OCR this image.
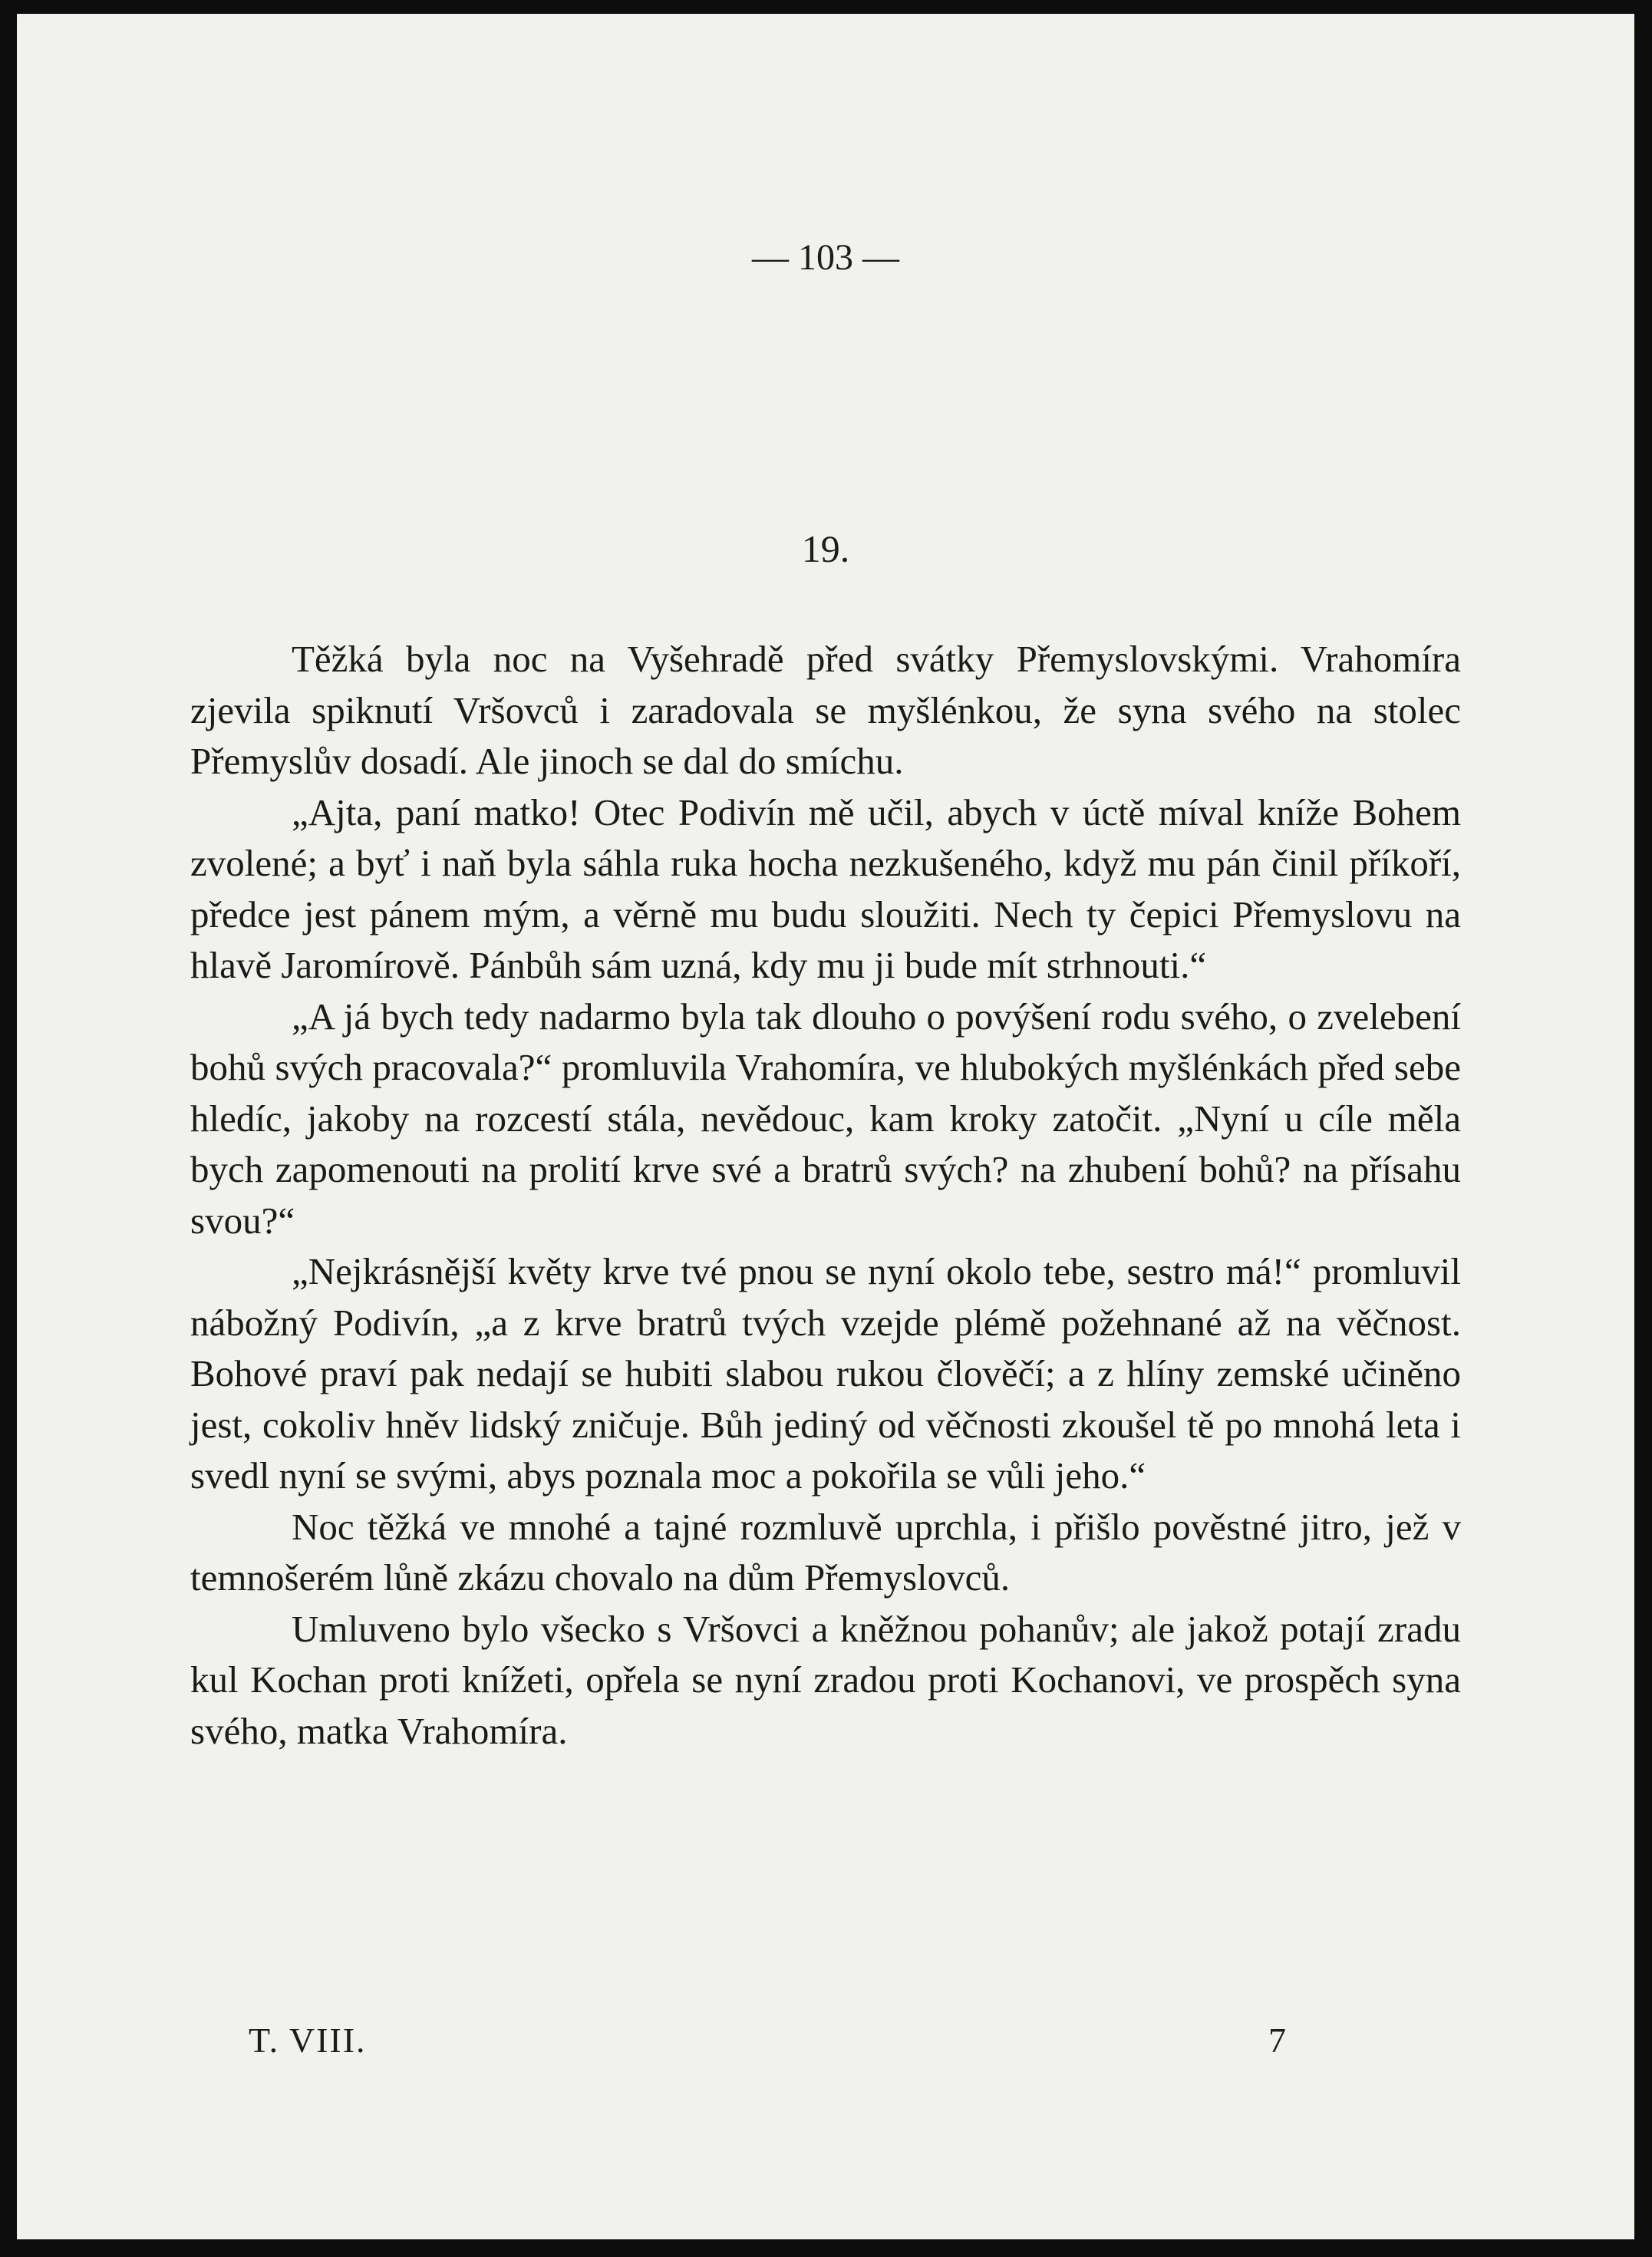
— 103 —
19.

Těžká byla noc na Vyšehradě před svátky Přemyslovskými. Vrahomíra zjevila spiknutí Vršovců i zaradovala se myšlénkou, že syna svého na stolec Přemyslův dosadí. Ale jinoch se dal do smíchu.

„Ajta, paní matko! Otec Podivín mě učil, abych v úctě míval kníže Bohem zvolené; a byť i naň byla sáhla ruka hocha nezkušeného, když mu pán činil příkoří, předce jest pánem mým, a věrně mu budu sloužiti. Nech ty čepici Přemyslovu na hlavě Jaromírově. Pánbůh sám uzná, kdy mu ji bude mít strhnouti.“

„A já bych tedy nadarmo byla tak dlouho o povýšení rodu svého, o zvelebení bohů svých pracovala?“ promluvila Vrahomíra, ve hlubokých myšlénkách před sebe hledíc, jakoby na rozcestí stála, nevědouc, kam kroky zatočit. „Nyní u cíle měla bych zapomenouti na prolití krve své a bratrů svých? na zhubení bohů? na přísahu svou?“

„Nejkrásnější květy krve tvé pnou se nyní okolo tebe, sestro má!“ promluvil nábožný Podivín, „a z krve bratrů tvých vzejde plémě požehnané až na věčnost. Bohové praví pak nedají se hubiti slabou rukou člověčí; a z hlíny zemské učiněno jest, cokoliv hněv lidský zničuje. Bůh jediný od věčnosti zkoušel tě po mnohá leta i svedl nyní se svými, abys poznala moc a pokořila se vůli jeho.“

Noc těžká ve mnohé a tajné rozmluvě uprchla, i přišlo pověstné jitro, jež v temnošerém lůně zkázu chovalo na dům Přemyslovců.

Umluveno bylo všecko s Vršovci a kněžnou pohanův; ale jakož potají zradu kul Kochan proti knížeti, opřela se nyní zradou proti Kochanovi, ve prospěch syna svého, matka Vrahomíra.

T. VIII.	7
